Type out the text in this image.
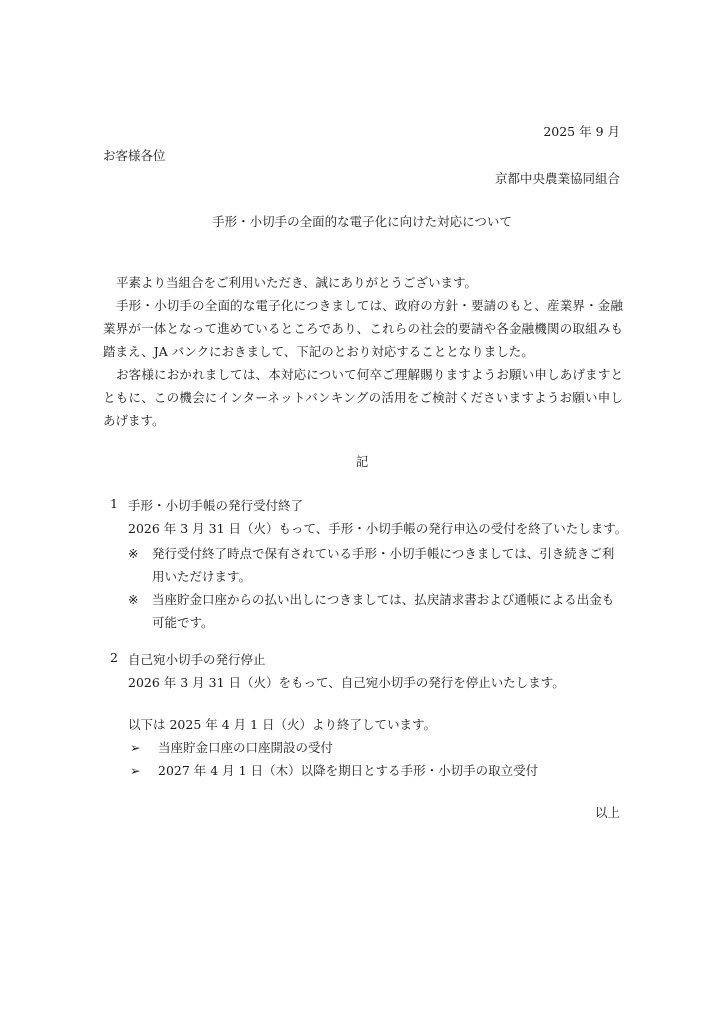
2025 年 9 月
お客様各位
京都中央農業協同組合
手形・小切手の全面的な電子化に向けた対応について

平素より当組合をご利用いただき、誠にありがとうございます。

手形・小切手の全面的な電子化につきましては、政府の方針・要請のもと、産業界・金融業界が一体となって進めているところであり、これらの社会的要請や各金融機関の取組みも踏まえ、JA バンクにおきまして、下記のとおり対応することとなりました。

お客様におかれましては、本対応について何卒ご理解賜りますようお願い申しあげますとともに、この機会にインターネットバンキングの活用をご検討くださいますようお願い申しあげます。

記
1 手形・小切手帳の発行受付終了
2026 年 3 月 31 日（火）もって、手形・小切手帳の発行申込の受付を終了いたします。
※ 発行受付終了時点で保有されている手形・小切手帳につきましては、引き続きご利用いただけます。
※ 当座貯金口座からの払い出しにつきましては、払戻請求書および通帳による出金も可能です。
2 自己宛小切手の発行停止
2026 年 3 月 31 日（火）をもって、自己宛小切手の発行を停止いたします。
以下は 2025 年 4 月 1 日（火）より終了しています。
➢ 当座貯金口座の口座開設の受付
➢ 2027 年 4 月 1 日（木）以降を期日とする手形・小切手の取立受付
以上
